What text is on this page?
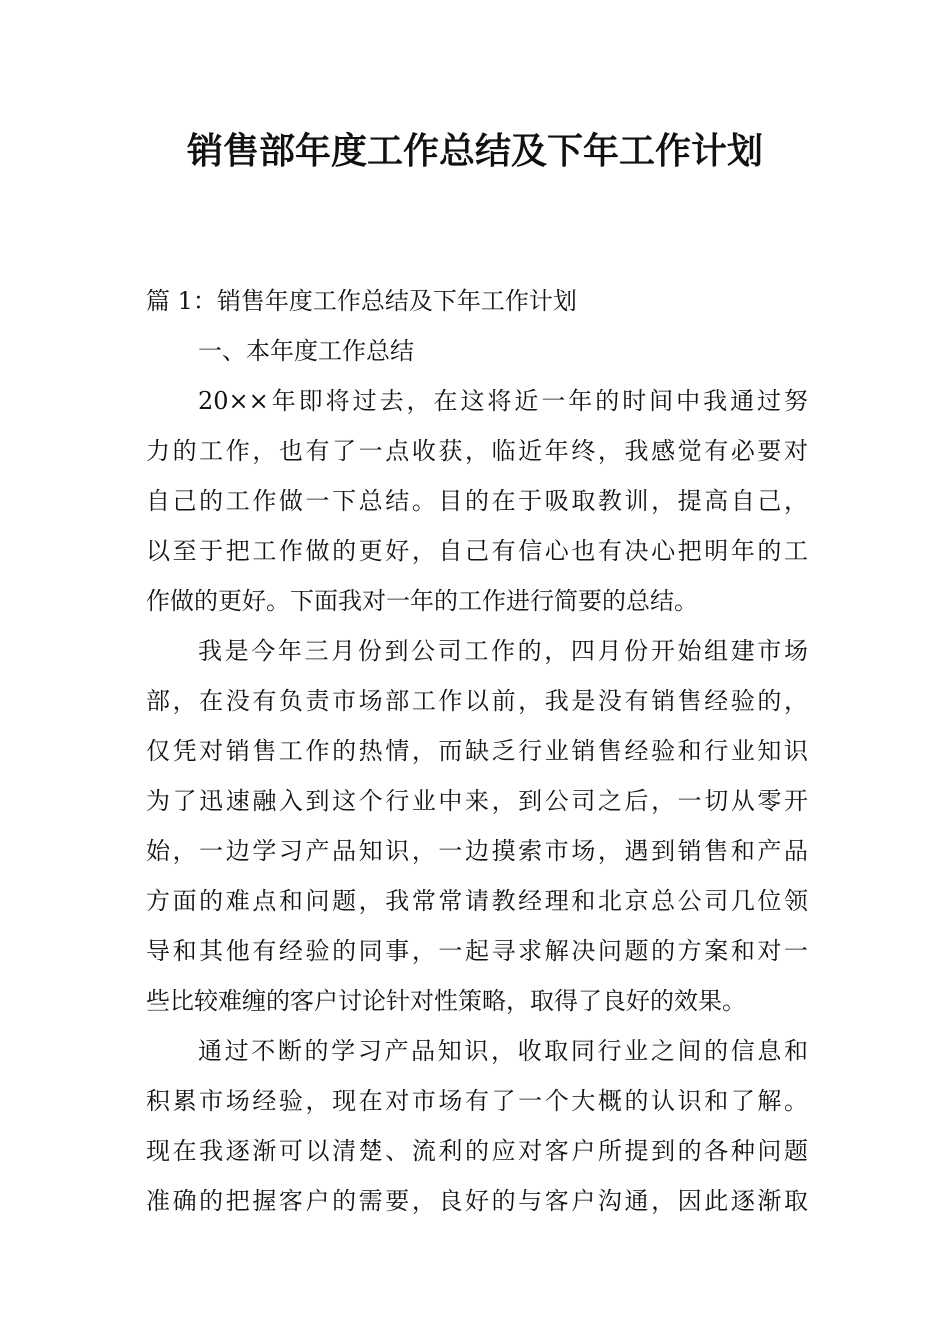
销售部年度工作总结及下年工作计划
篇 1：销售年度工作总结及下年工作计划
一、本年度工作总结
20××年即将过去，在这将近一年的时间中我通过努
力的工作，也有了一点收获，临近年终，我感觉有必要对
自己的工作做一下总结。目的在于吸取教训，提高自己，
以至于把工作做的更好，自己有信心也有决心把明年的工
作做的更好。下面我对一年的工作进行简要的总结。
我是今年三月份到公司工作的，四月份开始组建市场
部，在没有负责市场部工作以前，我是没有销售经验的，
仅凭对销售工作的热情，而缺乏行业销售经验和行业知识
为了迅速融入到这个行业中来，到公司之后，一切从零开
始，一边学习产品知识，一边摸索市场，遇到销售和产品
方面的难点和问题，我常常请教经理和北京总公司几位领
导和其他有经验的同事，一起寻求解决问题的方案和对一
些比较难缠的客户讨论针对性策略，取得了良好的效果。
通过不断的学习产品知识，收取同行业之间的信息和
积累市场经验，现在对市场有了一个大概的认识和了解。
现在我逐渐可以清楚、流利的应对客户所提到的各种问题
准确的把握客户的需要，良好的与客户沟通，因此逐渐取
